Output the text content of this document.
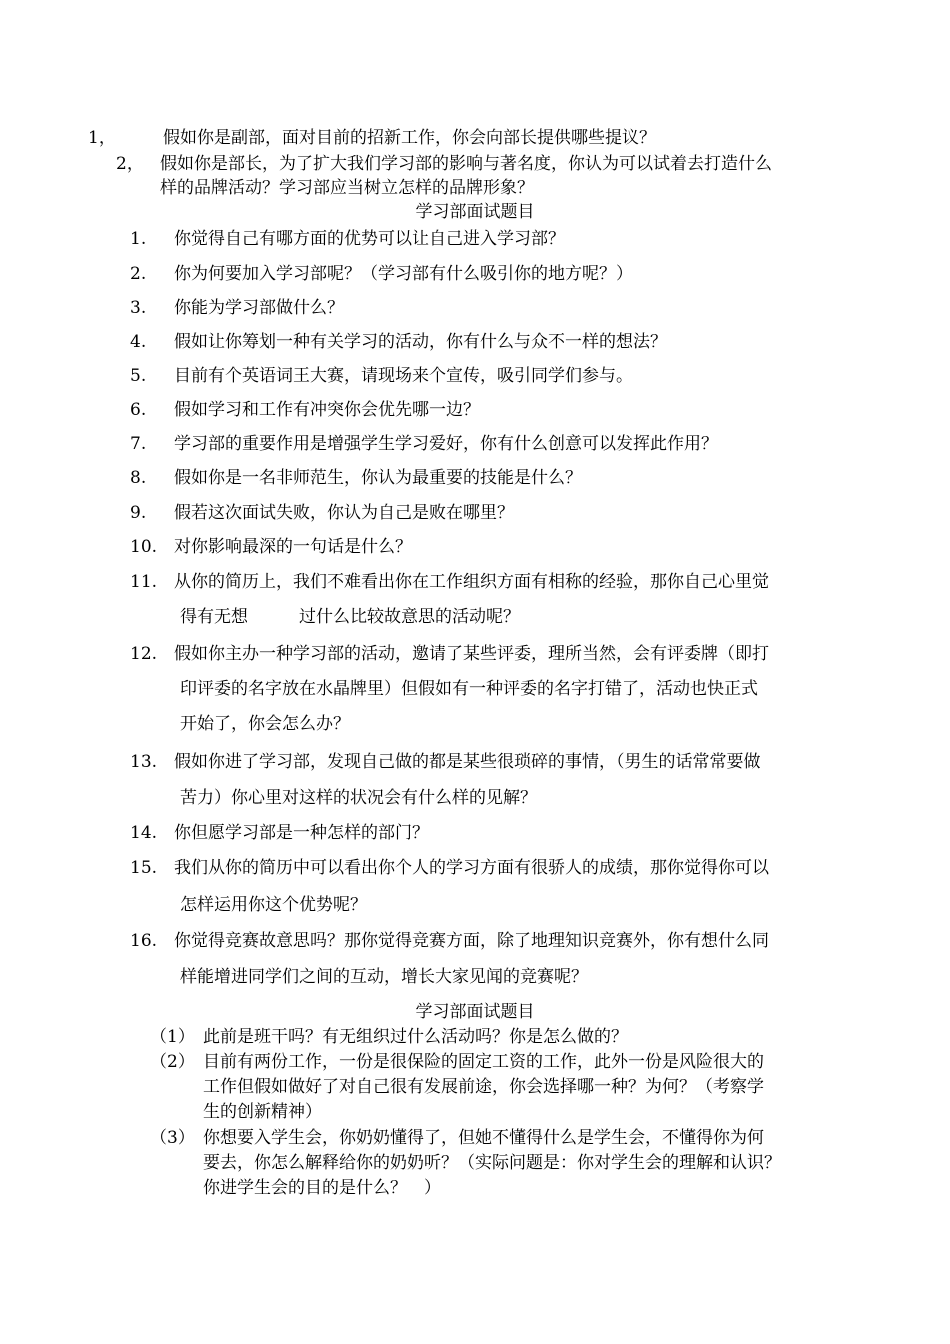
1，	假如你是副部，面对目前的招新工作，你会向部长提供哪些提议？
2， 假如你是部长，为了扩大我们学习部的影响与著名度，你认为可以试着去打造什么
样的品牌活动？学习部应当树立怎样的品牌形象？
学习部面试题目
1. 你觉得自己有哪方面的优势可以让自己进入学习部？
2. 你为何要加入学习部呢？（学习部有什么吸引你的地方呢？）
3. 你能为学习部做什么？
4. 假如让你筹划一种有关学习的活动，你有什么与众不一样的想法？
5. 目前有个英语词王大赛，请现场来个宣传，吸引同学们参与。
6. 假如学习和工作有冲突你会优先哪一边？
7. 学习部的重要作用是增强学生学习爱好，你有什么创意可以发挥此作用？
8. 假如你是一名非师范生，你认为最重要的技能是什么？
9. 假若这次面试失败，你认为自己是败在哪里？
10. 对你影响最深的一句话是什么？
11. 从你的简历上，我们不难看出你在工作组织方面有相称的经验，那你自己心里觉
得有无想　　　过什么比较故意思的活动呢？
12. 假如你主办一种学习部的活动，邀请了某些评委，理所当然，会有评委牌（即打
印评委的名字放在水晶牌里）但假如有一种评委的名字打错了，活动也快正式
开始了，你会怎么办？
13. 假如你进了学习部，发现自己做的都是某些很琐碎的事情，（男生的话常常要做
苦力）你心里对这样的状况会有什么样的见解？
14. 你但愿学习部是一种怎样的部门？
15. 我们从你的简历中可以看出你个人的学习方面有很骄人的成绩，那你觉得你可以
怎样运用你这个优势呢？
16. 你觉得竞赛故意思吗？那你觉得竞赛方面，除了地理知识竞赛外，你有想什么同
样能增进同学们之间的互动，增长大家见闻的竞赛呢？
学习部面试题目
（1） 此前是班干吗？有无组织过什么活动吗？你是怎么做的？
（2） 目前有两份工作，一份是很保险的固定工资的工作，此外一份是风险很大的
工作但假如做好了对自己很有发展前途，你会选择哪一种？为何？（考察学
生的创新精神）
（3） 你想要入学生会，你奶奶懂得了，但她不懂得什么是学生会，不懂得你为何
要去，你怎么解释给你的奶奶听？（实际问题是：你对学生会的理解和认识？
你进学生会的目的是什么？　）
